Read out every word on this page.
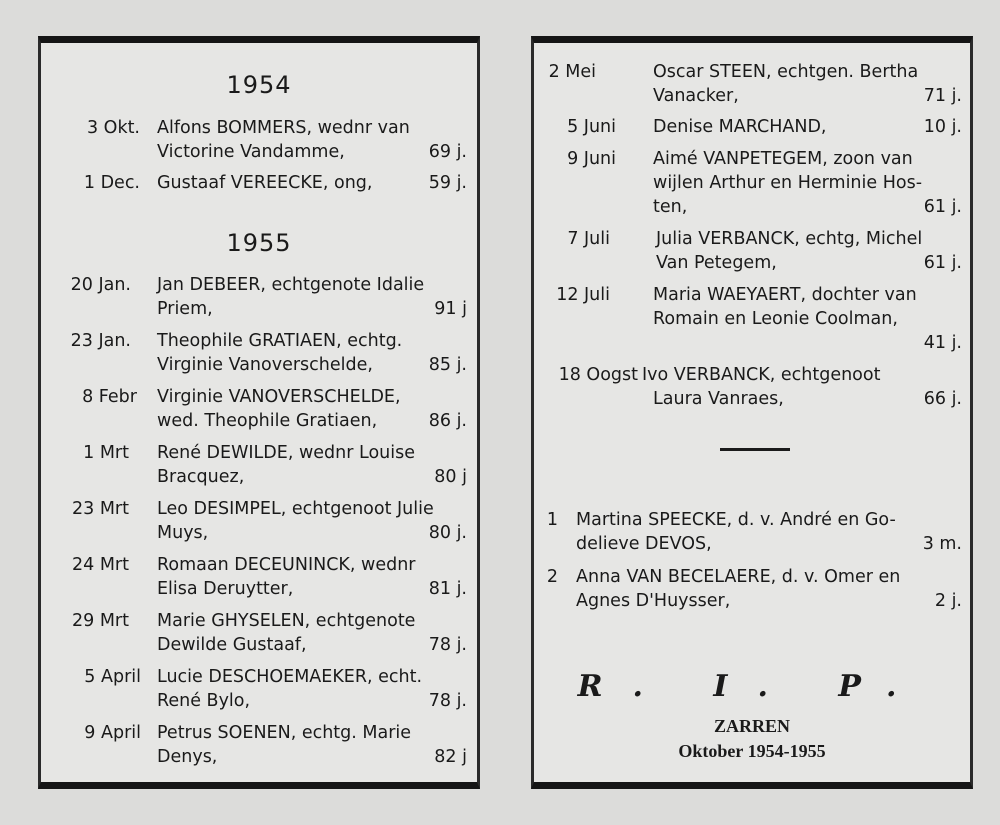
1954
3 Okt. Alfons BOMMERS, wednr van
Victorine Vandamme,	69 j.
1 Dec. Gustaaf VEREECKE, ong,	59 j.
1955
20 Jan. Jan DEBEER, echtgenote Idalie
Priem,	91 j
23 Jan. Theophile GRATIAEN, echtg.
Virginie Vanoverschelde,	85 j.
8 Febr Virginie VANOVERSCHELDE,
wed. Theophile Gratiaen,	86 j.
1 Mrt René DEWILDE, wednr Louise
Bracquez,	80 j
23 Mrt Leo DESIMPEL, echtgenoot Julie
Muys,	80 j.
24 Mrt Romaan DECEUNINCK, wednr
Elisa Deruytter,	81 j.
29 Mrt Marie GHYSELEN, echtgenote
Dewilde Gustaaf,	78 j.
5 April Lucie DESCHOEMAEKER, echt.
René Bylo,	78 j.
9 April Petrus SOENEN, echtg. Marie
Denys,	82 j
2 Mei	Oscar STEEN, echtgen. Bertha
Vanacker,	71 j.
5 Juni Denise MARCHAND,	10 j.
9 Juni Aimé VANPETEGEM, zoon van
wijlen Arthur en Herminie Hos-
ten,	61 j.
7 Juli	Julia VERBANCK, echtg, Michel
Van Petegem,	61 j.
12 Juli Maria WAEYAERT, dochter van
Romain en Leonie Coolman,
41 j.
18 Oogst Ivo VERBANCK, echtgenoot
Laura Vanraes,	66 j.
1 Martina SPEECKE, d. v. André en Go-
delieve DEVOS,	3 m.
2 Anna VAN BECELAERE, d. v. Omer en
Agnes D'Huysser,	2 j.
R. I. P.
ZARREN
Oktober 1954-1955
